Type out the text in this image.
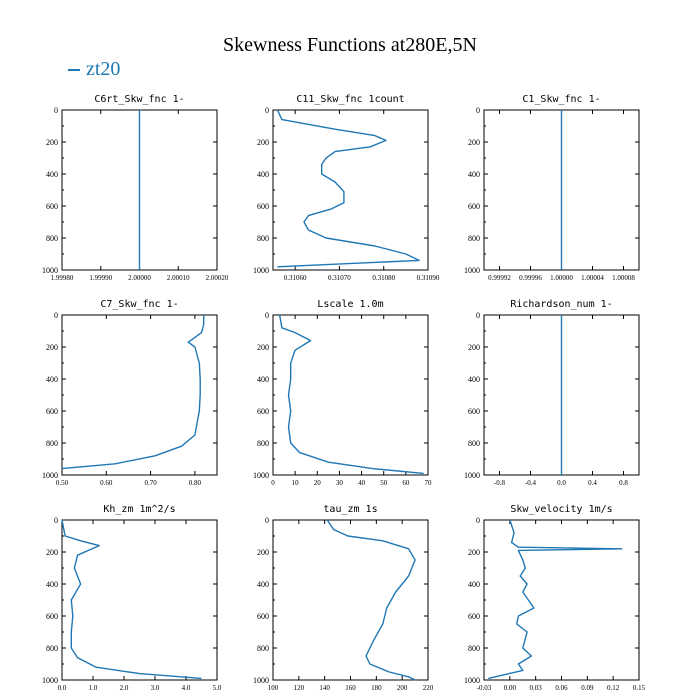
Skewness Functions at280E,5N
zt20
C6rt_Skw_fnc 1-
0
200
400
600
800
1000
1.99980 1.99990 2.00000 2.00010 2.00020
C11_Skw_fnc 1count
0
200
400
600
800
1000
0.31060	0.31070	0.31080	0.31090
C1_Skw_fnc 1-
0
200
400
600
800
1000
0.99992 0.99996 1.00000 1.00004 1.00008
C7_Skw_fnc 1-
0
200
400
600
800
1000
0.50	0.60	0.70	0.80
Lscale 1.0m
0
200
400
600
800
1000
0 10 20 30 40 50 60 70
Richardson_num 1-
0
200
400
600
800
1000
-0.8	-0.4	0.0	0.4	0.8
Kh_zm 1m^2/s
0
200
400
600
800
1000
0.0	1.0	2.0	3.0	4.0	5.0
tau_zm 1s
0
200
400
600
800
1000
100 120 140 160 180 200 220
Skw_velocity 1m/s
0
200
400
600
800
1000
-0.03 0.00 0.03 0.06 0.09 0.12 0.15
